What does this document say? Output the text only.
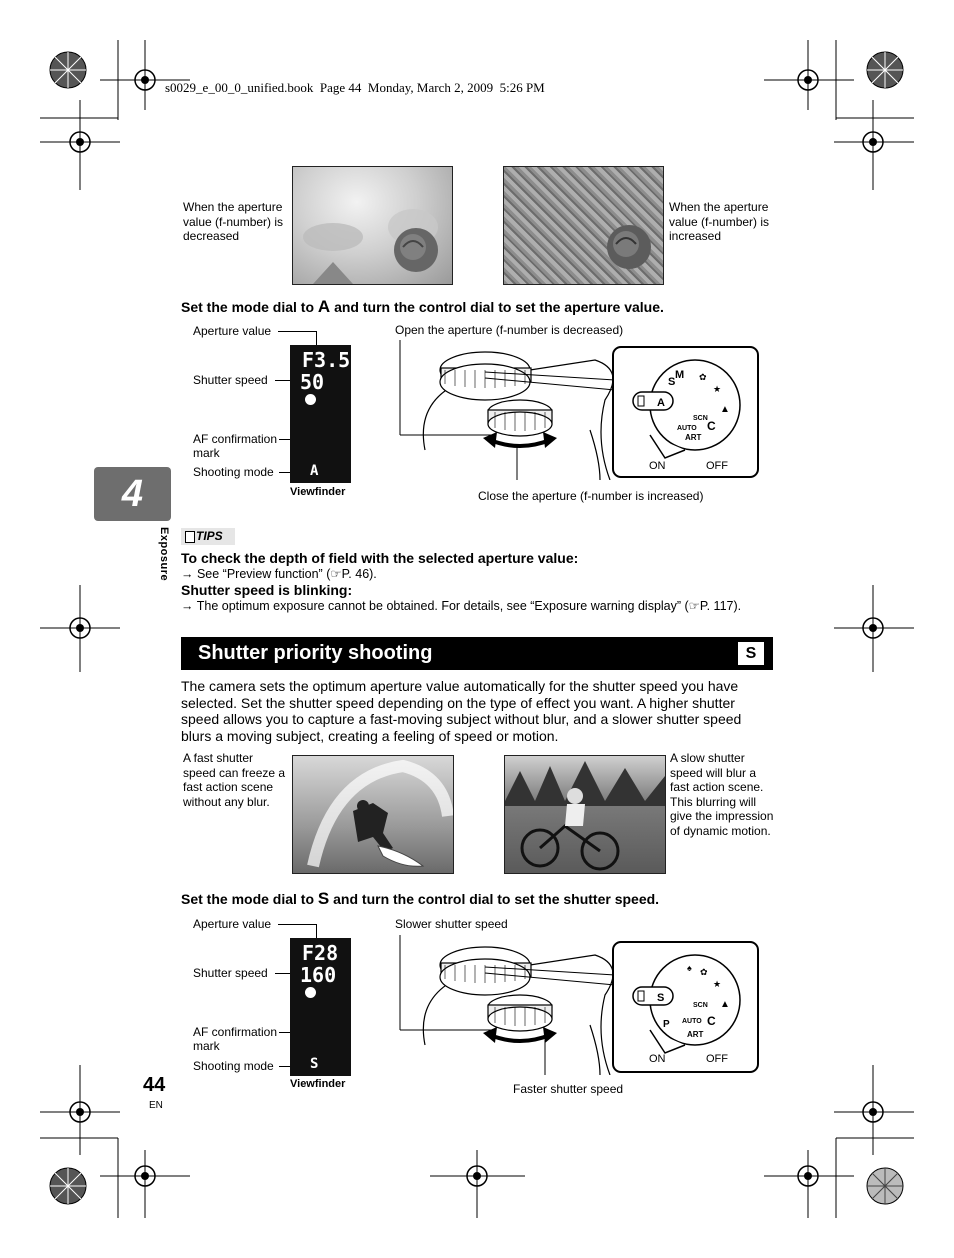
s0029_e_00_0_unified.book  Page 44  Monday, March 2, 2009  5:26 PM
4
Exposure
When the aperture value (f-number) is decreased
When the aperture value (f-number) is increased
Set the mode dial to A and turn the control dial to set the aperture value.
Aperture value
Shutter speed
AF confirmation mark
Shooting mode
F3.5
50
A
Viewfinder
Open the aperture (f-number is decreased)
Close the aperture (f-number is increased)
S
M ✿
★
▲
C
ART
AUTO
SCN
A
ON	OFF
TIPS
To check the depth of field with the selected aperture value:
→ See “Preview function” (☞P. 46).
Shutter speed is blinking:
→ The optimum exposure cannot be obtained. For details, see “Exposure warning display” (☞P. 117).
Shutter priority shooting	S
The camera sets the optimum aperture value automatically for the shutter speed you have selected. Set the shutter speed depending on the type of effect you want. A higher shutter speed allows you to capture a fast-moving subject without blur, and a slower shutter speed blurs a moving subject, creating a feeling of speed or motion.
A fast shutter speed can freeze a fast action scene without any blur.
A slow shutter speed will blur a fast action scene. This blurring will give the impression of dynamic motion.
Set the mode dial to S and turn the control dial to set the shutter speed.
Aperture value
Shutter speed
AF confirmation mark
Shooting mode
F28
160
S
Viewfinder
Slower shutter speed
Faster shutter speed
♠ ✿
★
▲
C
ART
AUTO
SCN
P
S
ON	OFF
44
EN
